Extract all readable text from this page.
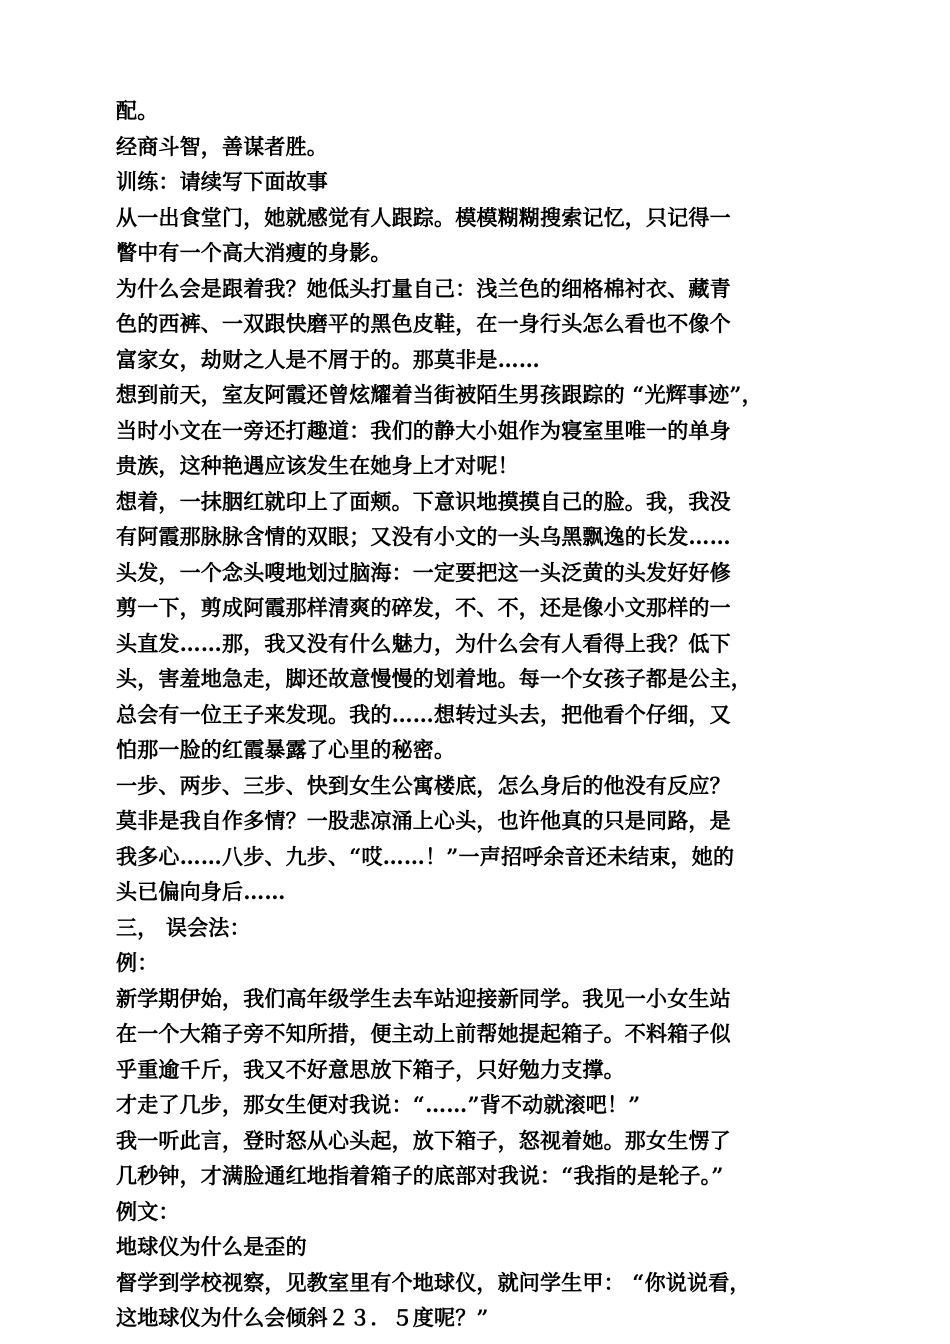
配。
经商斗智，善谋者胜。
训练：请续写下面故事
从一出食堂门，她就感觉有人跟踪。模模糊糊搜索记忆，只记得一
瞥中有一个高大消瘦的身影。
为什么会是跟着我？她低头打量自己：浅兰色的细格棉衬衣、藏青
色的西裤、一双跟快磨平的黑色皮鞋，在一身行头怎么看也不像个
富家女，劫财之人是不屑于的。那莫非是……
想到前天，室友阿霞还曾炫耀着当街被陌生男孩跟踪的 “光辉事迹”，
当时小文在一旁还打趣道：我们的静大小姐作为寝室里唯一的单身
贵族，这种艳遇应该发生在她身上才对呢！
想着，一抹胭红就印上了面颊。下意识地摸摸自己的脸。我，我没
有阿霞那脉脉含情的双眼；又没有小文的一头乌黑飘逸的长发……
头发，一个念头嗖地划过脑海：一定要把这一头泛黄的头发好好修
剪一下，剪成阿霞那样清爽的碎发，不、不，还是像小文那样的一
头直发……那，我又没有什么魅力，为什么会有人看得上我？低下
头，害羞地急走，脚还故意慢慢的划着地。每一个女孩子都是公主，
总会有一位王子来发现。我的……想转过头去，把他看个仔细，又
怕那一脸的红霞暴露了心里的秘密。
一步、两步、三步、快到女生公寓楼底，怎么身后的他没有反应？
莫非是我自作多情？一股悲凉涌上心头，也许他真的只是同路，是
我多心……八步、九步、“哎……！”一声招呼余音还未结束，她的
头已偏向身后……
三， 误会法：
例：
新学期伊始，我们高年级学生去车站迎接新同学。我见一小女生站
在一个大箱子旁不知所措，便主动上前帮她提起箱子。不料箱子似
乎重逾千斤，我又不好意思放下箱子，只好勉力支撑。
才走了几步，那女生便对我说：“……”背不动就滚吧！”
我一听此言，登时怒从心头起，放下箱子，怒视着她。那女生愣了
几秒钟，才满脸通红地指着箱子的底部对我说：“我指的是轮子。”
例文：
地球仪为什么是歪的
督学到学校视察，见教室里有个地球仪，就问学生甲： “你说说看，
这地球仪为什么会倾斜２３．５度呢？”
